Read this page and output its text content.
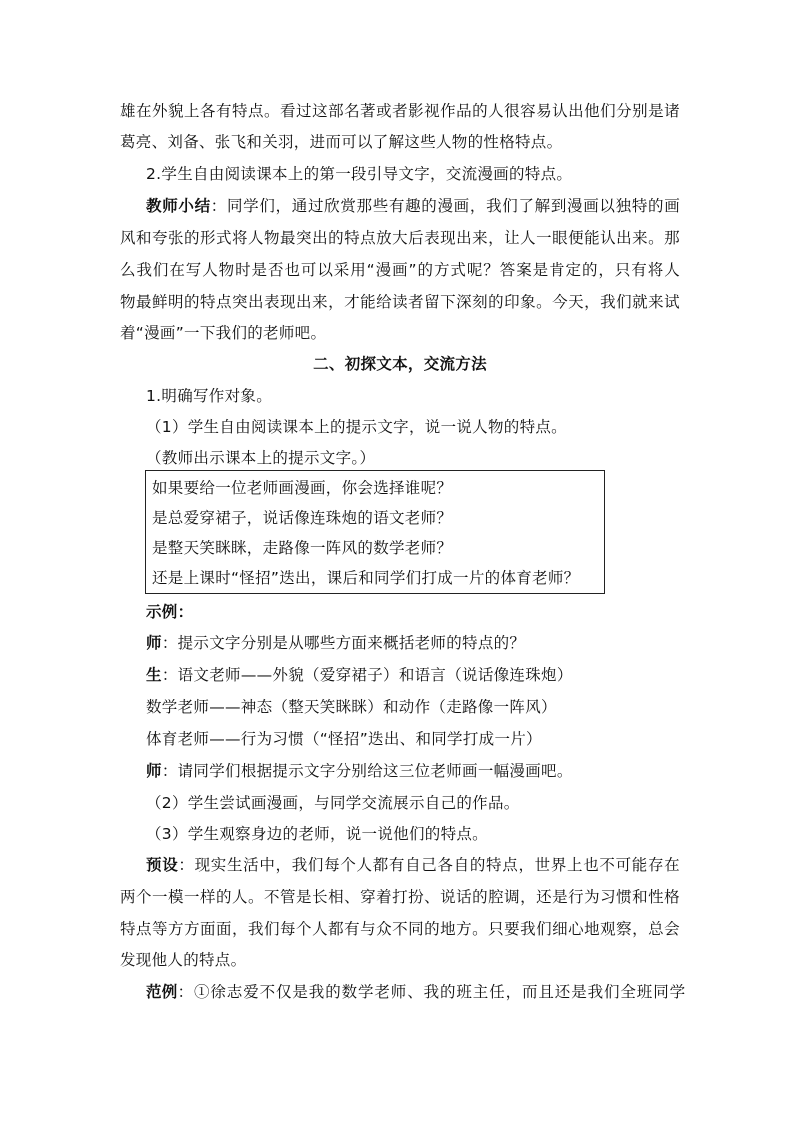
雄在外貌上各有特点。看过这部名著或者影视作品的人很容易认出他们分别是诸
葛亮、刘备、张飞和关羽，进而可以了解这些人物的性格特点。
2.学生自由阅读课本上的第一段引导文字，交流漫画的特点。
教师小结：同学们，通过欣赏那些有趣的漫画，我们了解到漫画以独特的画
风和夸张的形式将人物最突出的特点放大后表现出来，让人一眼便能认出来。那
么我们在写人物时是否也可以采用“漫画”的方式呢？答案是肯定的，只有将人
物最鲜明的特点突出表现出来，才能给读者留下深刻的印象。今天，我们就来试
着“漫画”一下我们的老师吧。
二、初探文本，交流方法
1.明确写作对象。
（1）学生自由阅读课本上的提示文字，说一说人物的特点。
（教师出示课本上的提示文字。）
如果要给一位老师画漫画，你会选择谁呢？
是总爱穿裙子，说话像连珠炮的语文老师？
是整天笑眯眯，走路像一阵风的数学老师？
还是上课时“怪招”迭出，课后和同学们打成一片的体育老师？
示例：
师：提示文字分别是从哪些方面来概括老师的特点的？
生：语文老师——外貌（爱穿裙子）和语言（说话像连珠炮）
数学老师——神态（整天笑眯眯）和动作（走路像一阵风）
体育老师——行为习惯（“怪招”迭出、和同学打成一片）
师：请同学们根据提示文字分别给这三位老师画一幅漫画吧。
（2）学生尝试画漫画，与同学交流展示自己的作品。
（3）学生观察身边的老师，说一说他们的特点。
预设：现实生活中，我们每个人都有自己各自的特点，世界上也不可能存在
两个一模一样的人。不管是长相、穿着打扮、说话的腔调，还是行为习惯和性格
特点等方方面面，我们每个人都有与众不同的地方。只要我们细心地观察，总会
发现他人的特点。
范例：①徐志爱不仅是我的数学老师、我的班主任，而且还是我们全班同学
